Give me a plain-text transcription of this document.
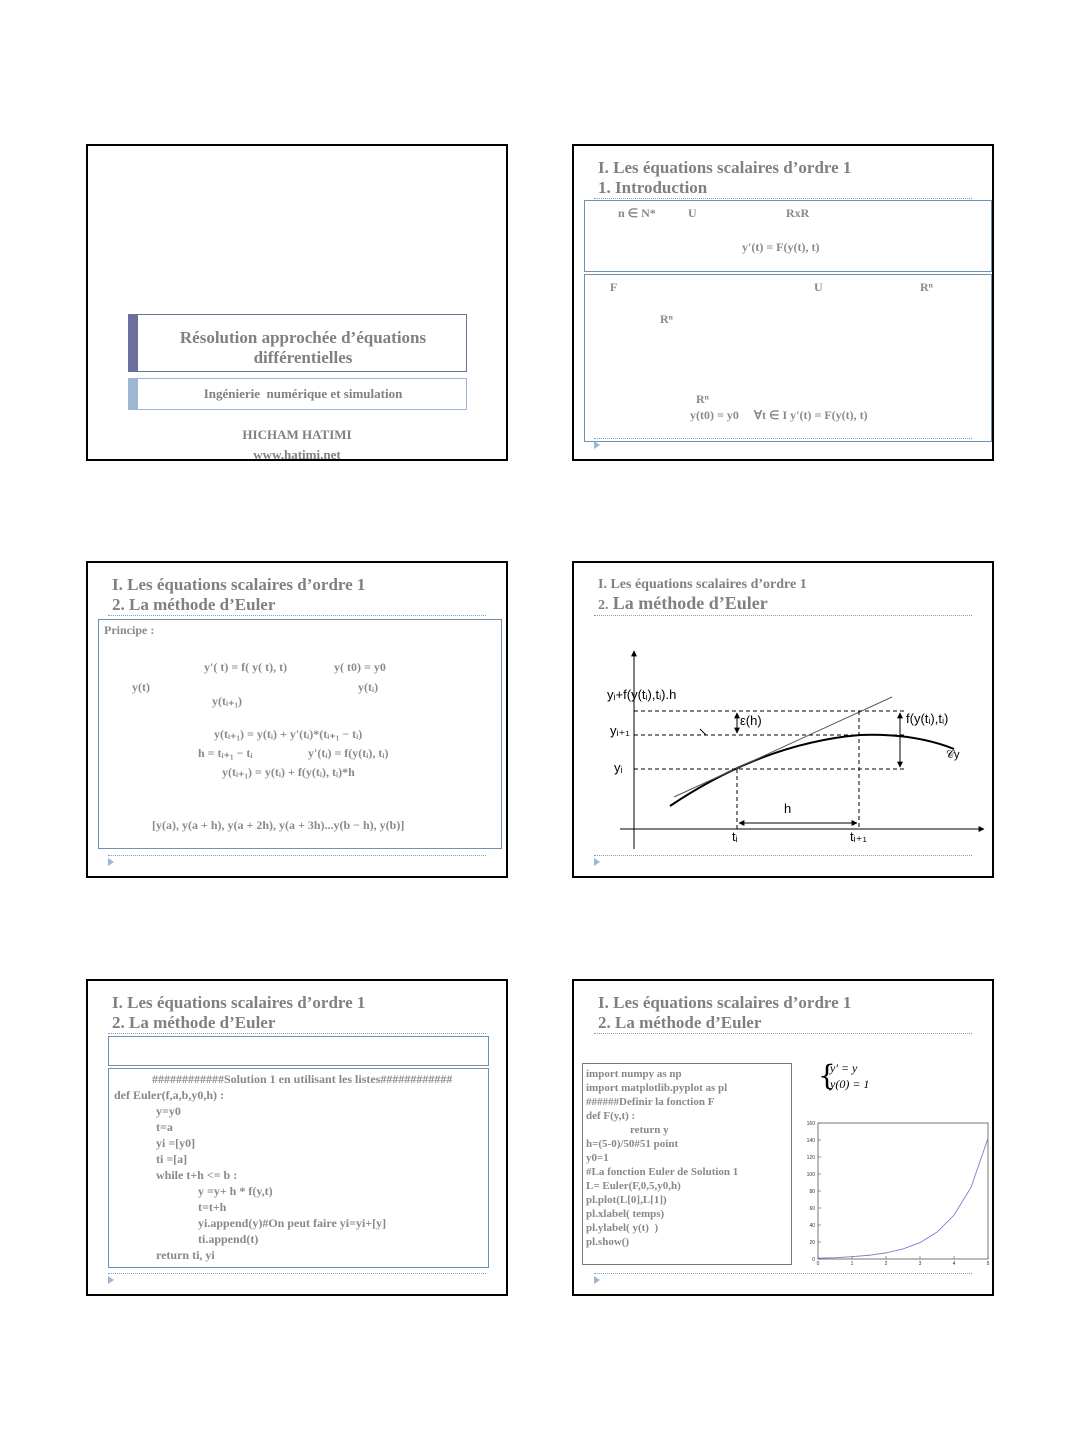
Résolution approchée d’équations différentielles
Ingénierie  numérique et simulation
HICHAM HATIMI
www.hatimi.net
I. Les équations scalaires d’ordre 1
1. Introduction
n ∈ N*	U	RxR
y'(t) = F(y(t), t)
F	U	Rⁿ
Rⁿ
Rⁿ
y(t0) = y0     ∀t ∈ I y'(t) = F(y(t), t)
I. Les équations scalaires d’ordre 1
2. La méthode d’Euler
Principe :
y'( t) = f( y( t), t)	y( t0) = y0
y(t)	y(tᵢ)
y(tᵢ₊₁)
y(tᵢ₊₁) = y(tᵢ) + y'(tᵢ)*(tᵢ₊₁ − tᵢ)
h = tᵢ₊₁ − tᵢ	y'(tᵢ) = f(y(tᵢ), tᵢ)
y(tᵢ₊₁) = y(tᵢ) + f(y(tᵢ), tᵢ)*h
[y(a), y(a + h), y(a + 2h), y(a + 3h)...y(b − h), y(b)]
I. Les équations scalaires d’ordre 1
2. La méthode d’Euler
yᵢ+f(y(tᵢ),tᵢ).h
ε(h)
yᵢ₊₁
yᵢ
f(y(tᵢ),tᵢ)
h
tᵢ	tᵢ₊₁
𝒞y
I. Les équations scalaires d’ordre 1
2. La méthode d’Euler
############Solution 1 en utilisant les listes############
def Euler(f,a,b,y0,h) :
y=y0
t=a
yi =[y0]
ti =[a]
while t+h <= b :
y =y+ h * f(y,t)
t=t+h
yi.append(y)#On peut faire yi=yi+[y]
ti.append(t)
return ti, yi
I. Les équations scalaires d’ordre 1
2. La méthode d’Euler
import numpy as np
import matplotlib.pyplot as pl
######Definir la fonction F
def F(y,t) :
return y
h=(5-0)/50#51 point
y0=1
#La fonction Euler de Solution 1
L= Euler(F,0,5,y0,h)
pl.plot(L[0],L[1])
pl.xlabel( temps)
pl.ylabel( y(t)  )
pl.show()
{
y′ = y
y(0) = 1
0
20
40
60
80
100
120
140
160
0	1	2	3	4	5
